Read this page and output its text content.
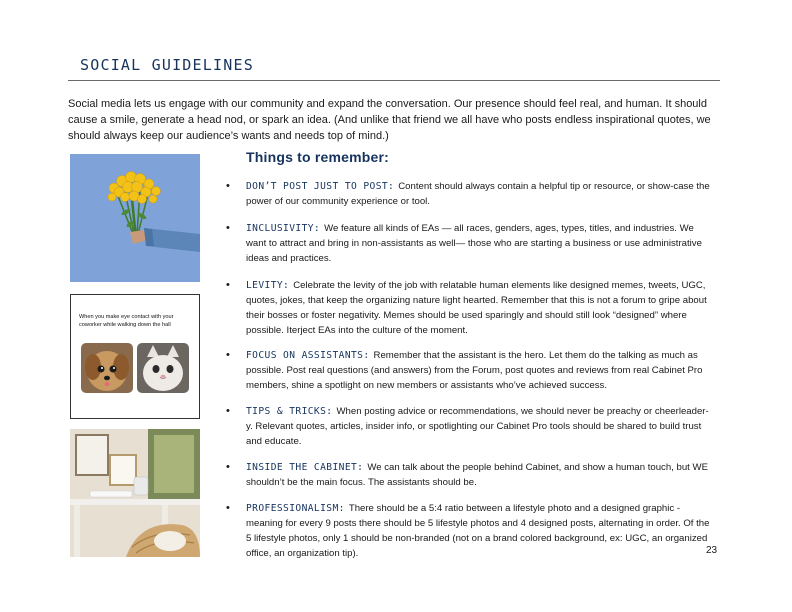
SOCIAL GUIDELINES

Social media lets us engage with our community and expand the conversation. Our presence should feel real, and human. It should cause a smile, generate a head nod, or spark an idea. (And unlike that friend we all have who posts endless inspirational quotes, we should always keep our audience’s wants and needs top of mind.)

When you make eye contact with your coworker while walking down the hall
Things to remember:
• DON’T POST JUST TO POST: Content should always contain a helpful tip or resource, or show-case the power of our community experience or tool.
• INCLUSIVITY: We feature all kinds of EAs — all races, genders, ages, types, titles, and industries. We want to attract and bring in non-assistants as well— those who are starting a business or use administrative ideas and practices.
• LEVITY: Celebrate the levity of the job with relatable human elements like designed memes, tweets, UGC, quotes, jokes, that keep the organizing nature light hearted. Remember that this is not a forum to gripe about their bosses or foster negativity. Memes should be used sparingly and should still look “designed” where possible. Iterject EAs into the culture of the moment.
• FOCUS ON ASSISTANTS: Remember that the assistant is the hero. Let them do the talking as much as possible. Post real questions (and answers) from the Forum, post quotes and reviews from real Cabinet Pro members, shine a spotlight on new members or assistants who’ve achieved success.
• TIPS & TRICKS: When posting advice or recommendations, we should never be preachy or cheerleader-y. Relevant quotes, articles, insider info, or spotlighting our Cabinet Pro tools should be shared to build trust and educate.
• INSIDE THE CABINET: We can talk about the people behind Cabinet, and show a human touch, but WE shouldn’t be the main focus. The assistants should be.
• PROFESSIONALISM: There should be a 5:4 ratio between a lifestyle photo and a designed graphic - meaning for every 9 posts there should be 5 lifestyle photos and 4 designed posts, alternating in order. Of the 5 lifestyle photos, only 1 should be non-branded (not on a brand colored background, ex: UGC, an organized office, an organization tip).	23
